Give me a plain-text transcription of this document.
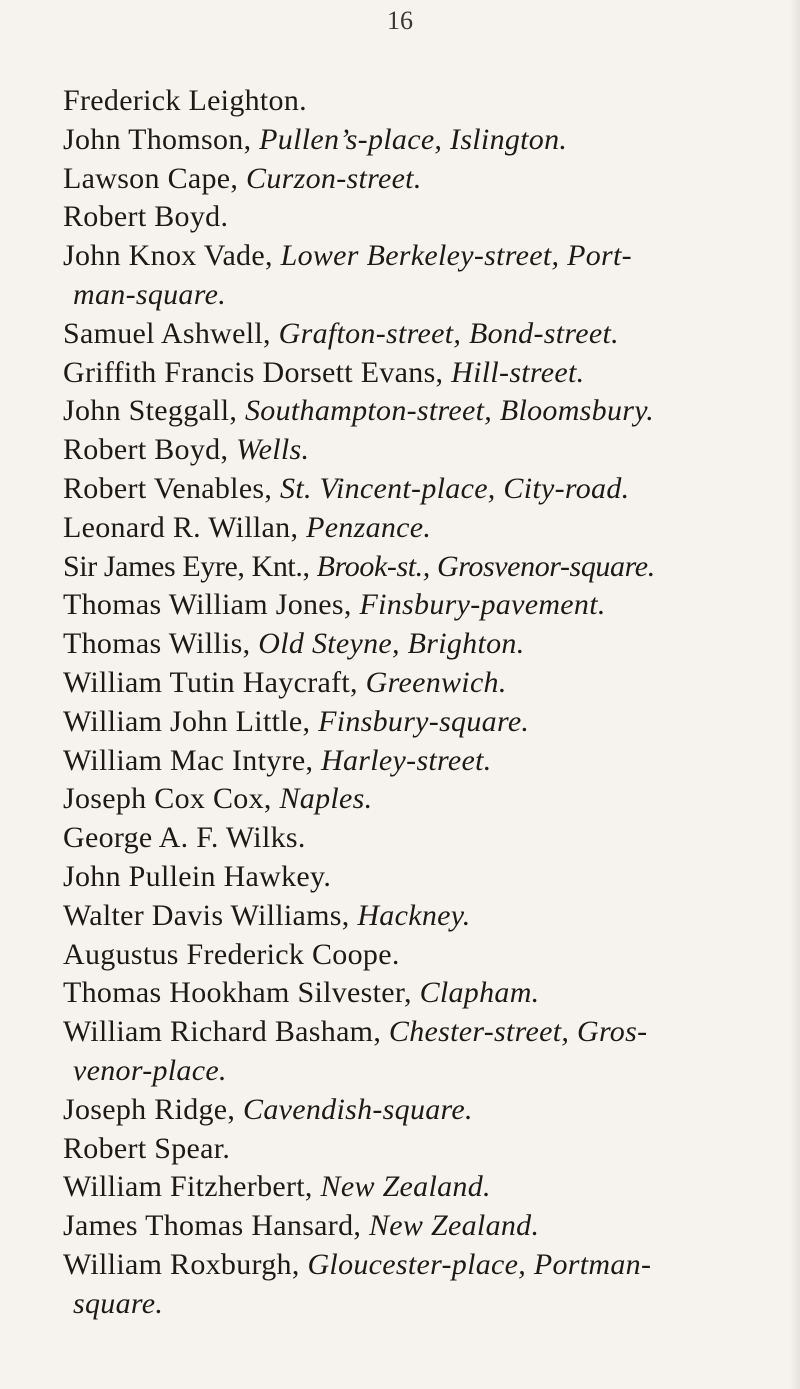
16
Frederick Leighton.
John Thomson, Pullen’s-place, Islington.
Lawson Cape, Curzon-street.
Robert Boyd.
John Knox Vade, Lower Berkeley-street, Port-
man-square.
Samuel Ashwell, Grafton-street, Bond-street.
Griffith Francis Dorsett Evans, Hill-street.
John Steggall, Southampton-street, Bloomsbury.
Robert Boyd, Wells.
Robert Venables, St. Vincent-place, City-road.
Leonard R. Willan, Penzance.
Sir James Eyre, Knt., Brook-st., Grosvenor-square.
Thomas William Jones, Finsbury-pavement.
Thomas Willis, Old Steyne, Brighton.
William Tutin Haycraft, Greenwich.
William John Little, Finsbury-square.
William Mac Intyre, Harley-street.
Joseph Cox Cox, Naples.
George A. F. Wilks.
John Pullein Hawkey.
Walter Davis Williams, Hackney.
Augustus Frederick Coope.
Thomas Hookham Silvester, Clapham.
William Richard Basham, Chester-street, Gros-
venor-place.
Joseph Ridge, Cavendish-square.
Robert Spear.
William Fitzherbert, New Zealand.
James Thomas Hansard, New Zealand.
William Roxburgh, Gloucester-place, Portman-
square.
